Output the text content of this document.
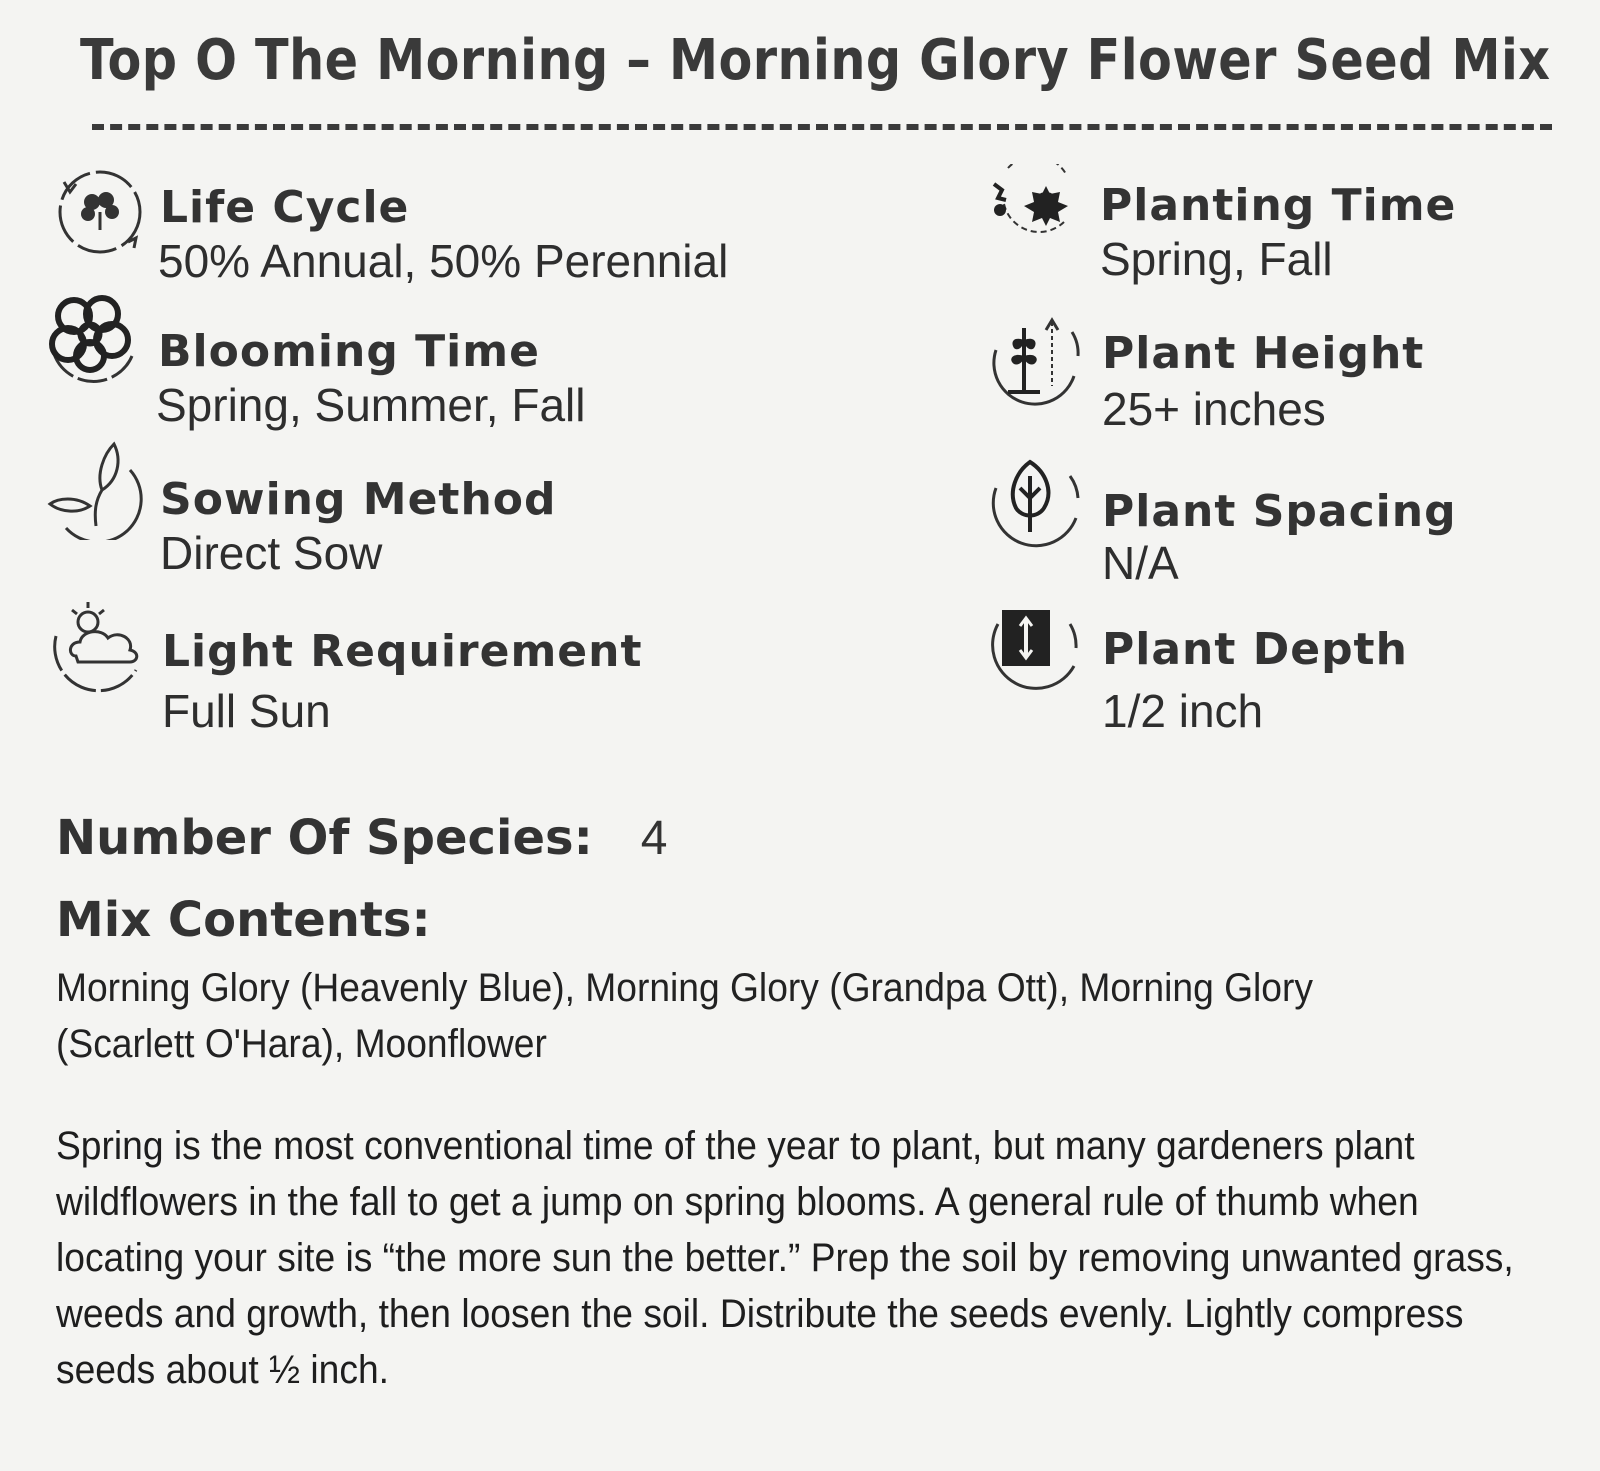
Top O The Morning – Morning Glory Flower Seed Mix
Life Cycle
50% Annual, 50% Perennial
Blooming Time
Spring, Summer, Fall
Sowing Method
Direct Sow
Light Requirement
Full Sun
Planting Time
Spring, Fall
Plant Height
25+ inches
Plant Spacing
N/A
Plant Depth
1/2 inch
Number Of Species: 4
Mix Contents:
Morning Glory (Heavenly Blue), Morning Glory (Grandpa Ott), Morning Glory (Scarlett O'Hara), Moonflower
Spring is the most conventional time of the year to plant, but many gardeners plant wildflowers in the fall to get a jump on spring blooms. A general rule of thumb when locating your site is “the more sun the better.” Prep the soil by removing unwanted grass, weeds and growth, then loosen the soil. Distribute the seeds evenly. Lightly compress seeds about ½ inch.
